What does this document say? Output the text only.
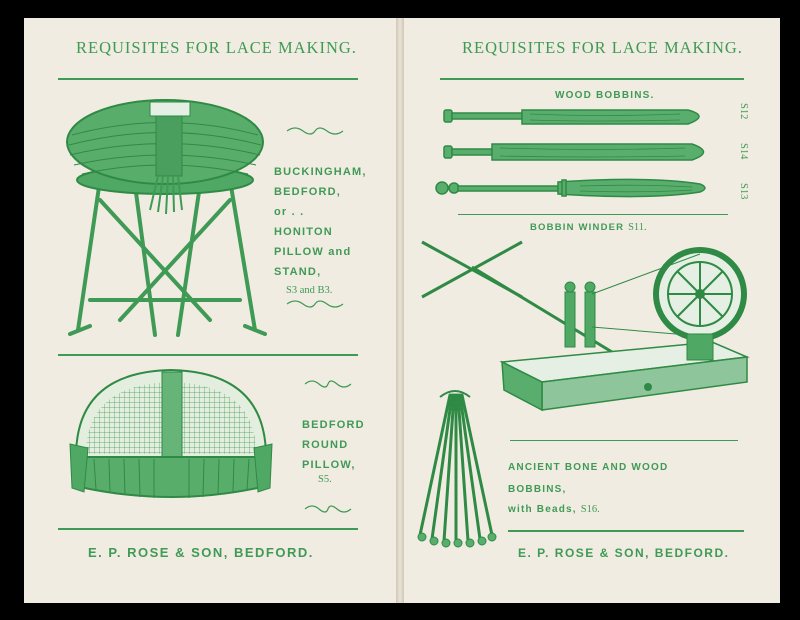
REQUISITES FOR LACE MAKING.
BUCKINGHAM,
BEDFORD,
or . .
HONITON
PILLOW and
STAND,
S3 and B3.
BEDFORD
ROUND
PILLOW,
S5.
E. P. ROSE & SON, BEDFORD.
REQUISITES FOR LACE MAKING.
WOOD BOBBINS.
S12
S14
S13
BOBBIN WINDER S11.
ANCIENT BONE AND WOOD
BOBBINS,
with Beads, S16.
E. P. ROSE & SON, BEDFORD.
